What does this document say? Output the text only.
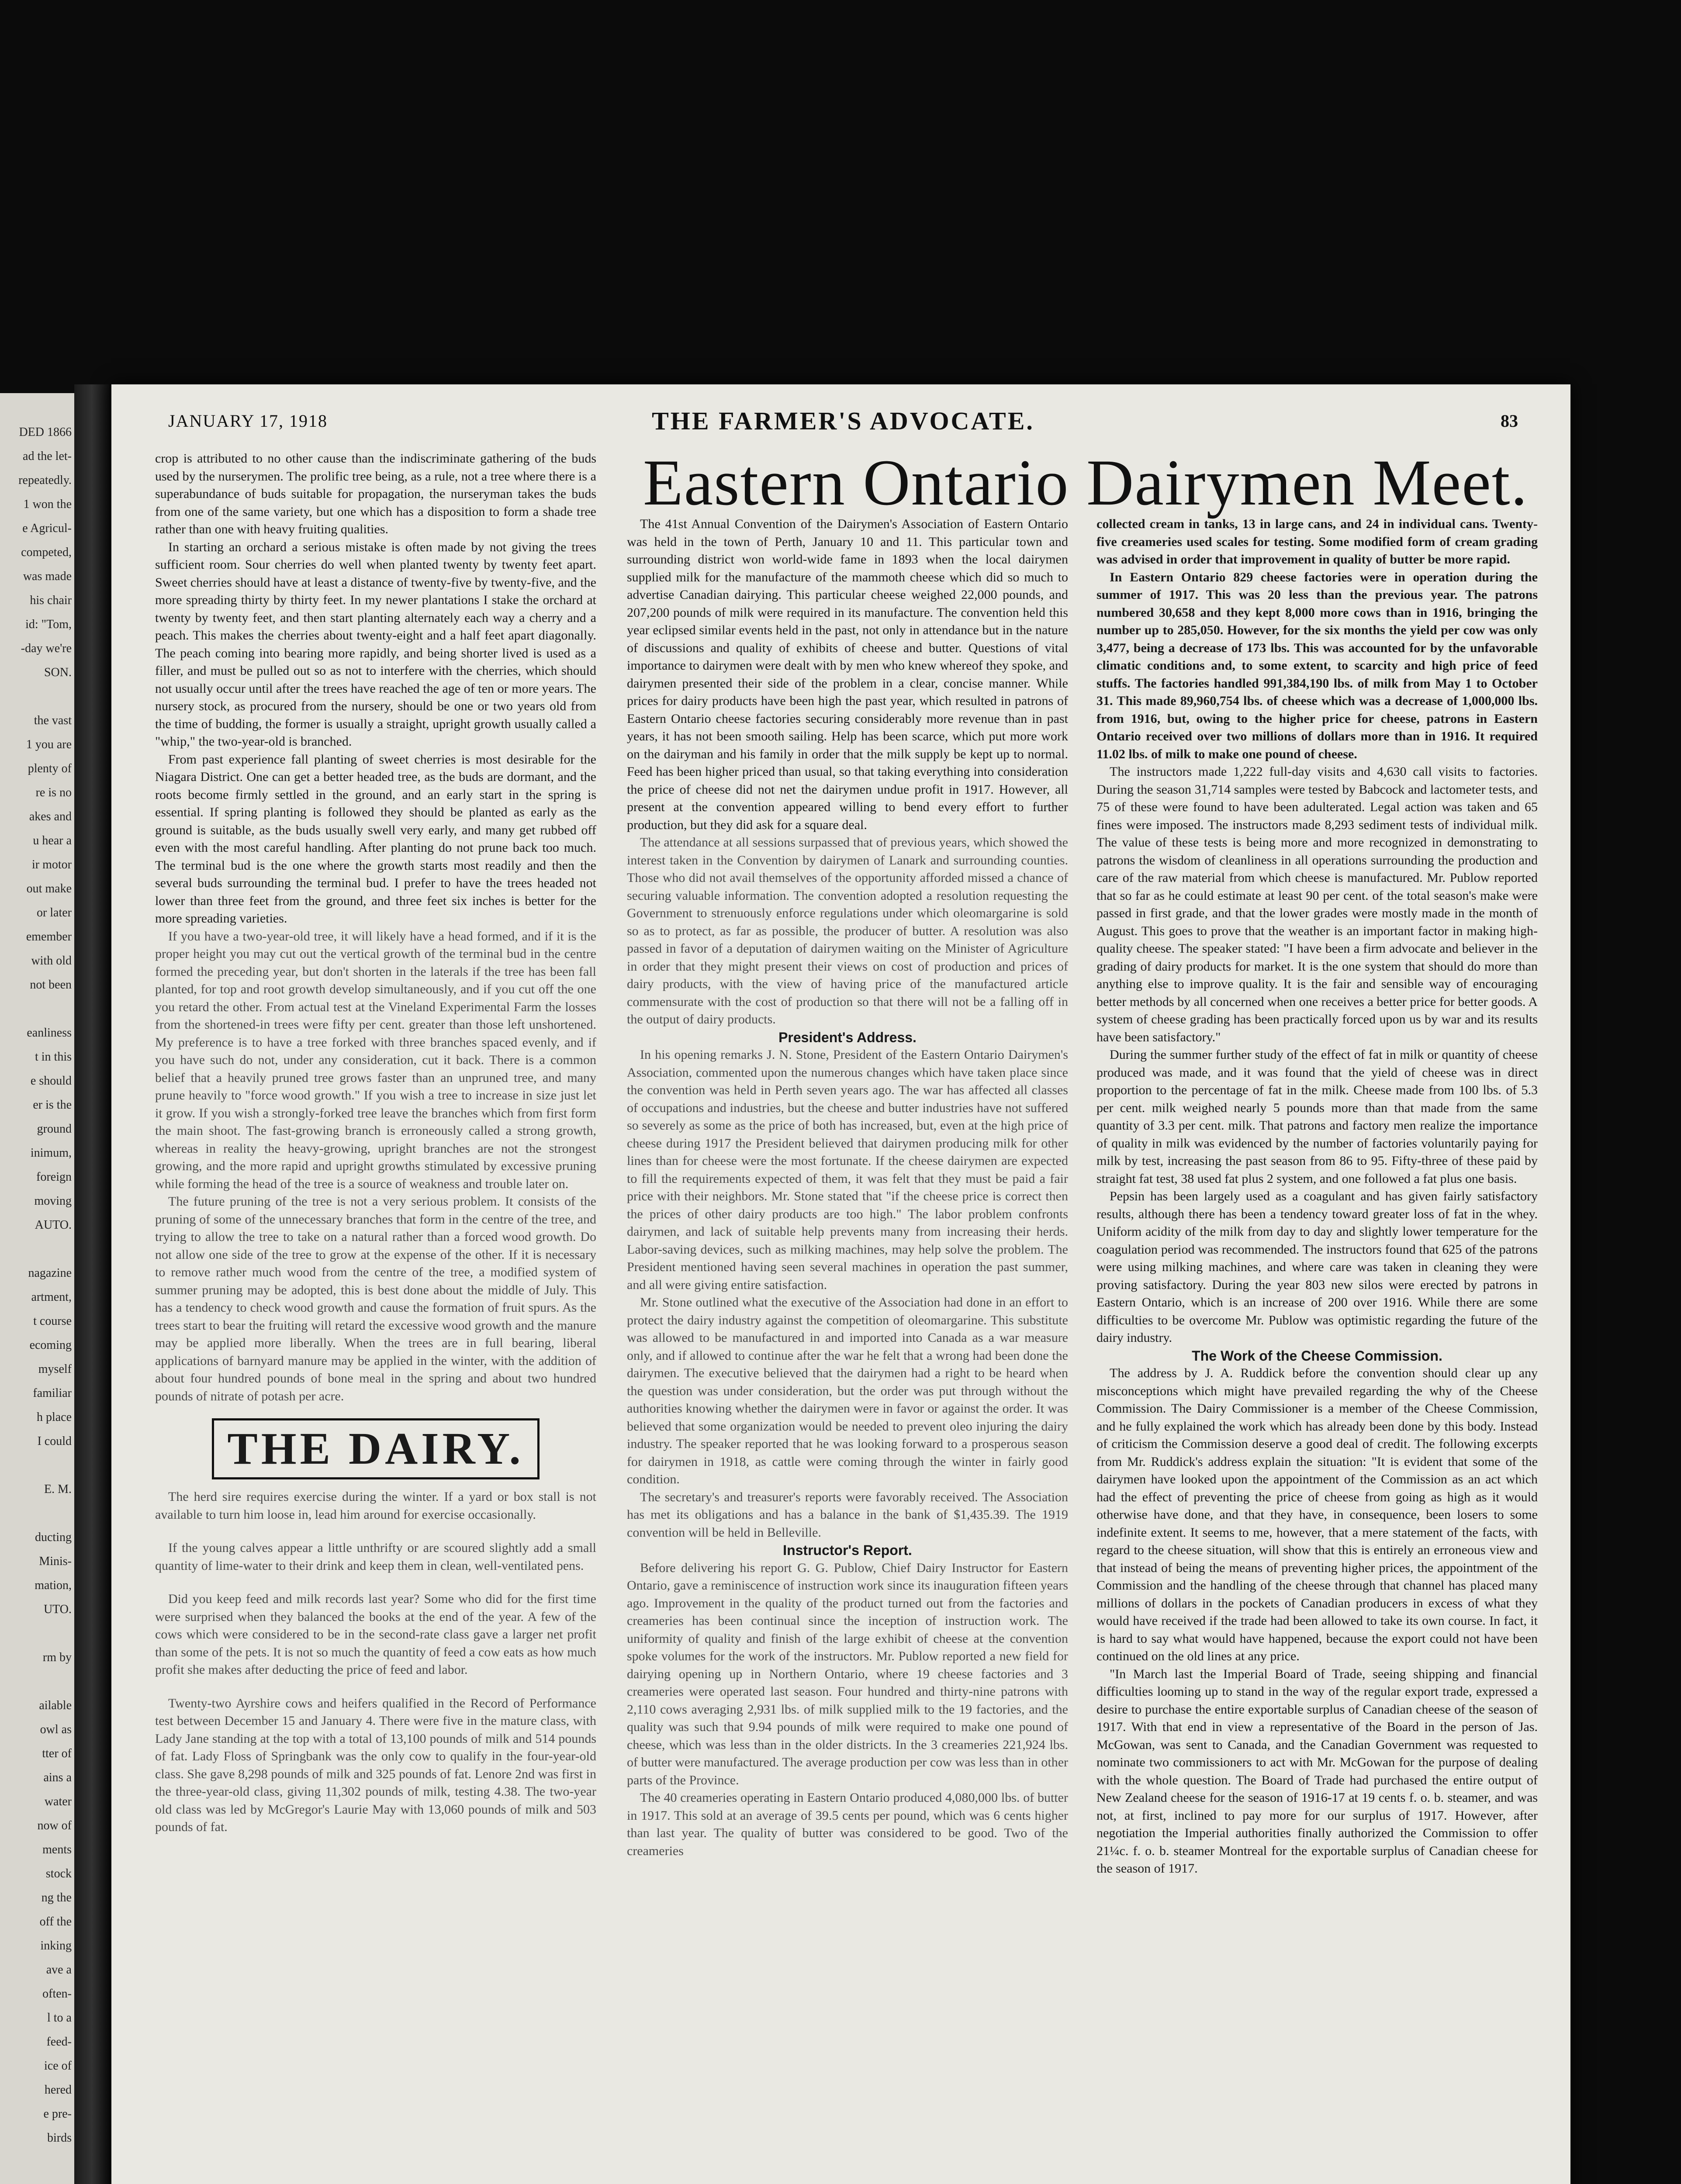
DED 1866
ad the let-
repeatedly.
1 won the
e Agricul-
competed,
was made
his chair
id: "Tom,
-day we're
SON.
the vast
1 you are
plenty of
re is no
akes and
u hear a
ir motor
out make
or later
emember
with old
not been
eanliness
t in this
e should
er is the
ground
inimum,
foreign
moving
AUTO.
nagazine
artment,
t course
ecoming
myself
familiar
h place
I could
E. M.
ducting
Minis-
mation,
UTO.
rm by
ailable
owl as
tter of
ains a
water
now of
ments
stock
ng the
off the
inking
ave a
often-
l to a
feed-
ice of
hered
e pre-
birds
JANUARY 17, 1918	THE FARMER'S ADVOCATE.	83
Eastern Ontario Dairymen Meet.

crop is attributed to no other cause than the indiscriminate gathering of the buds used by the nurserymen. The prolific tree being, as a rule, not a tree where there is a superabundance of buds suitable for propagation, the nurseryman takes the buds from one of the same variety, but one which has a disposition to form a shade tree rather than one with heavy fruiting qualities.

In starting an orchard a serious mistake is often made by not giving the trees sufficient room. Sour cherries do well when planted twenty by twenty feet apart. Sweet cherries should have at least a distance of twenty-five by twenty-five, and the more spreading thirty by thirty feet. In my newer plantations I stake the orchard at twenty by twenty feet, and then start planting alternately each way a cherry and a peach. This makes the cherries about twenty-eight and a half feet apart diagonally. The peach coming into bearing more rapidly, and being shorter lived is used as a filler, and must be pulled out so as not to interfere with the cherries, which should not usually occur until after the trees have reached the age of ten or more years. The nursery stock, as procured from the nursery, should be one or two years old from the time of budding, the former is usually a straight, upright growth usually called a "whip," the two-year-old is branched.

From past experience fall planting of sweet cherries is most desirable for the Niagara District. One can get a better headed tree, as the buds are dormant, and the roots become firmly settled in the ground, and an early start in the spring is essential. If spring planting is followed they should be planted as early as the ground is suitable, as the buds usually swell very early, and many get rubbed off even with the most careful handling. After planting do not prune back too much. The terminal bud is the one where the growth starts most readily and then the several buds surrounding the terminal bud. I prefer to have the trees headed not lower than three feet from the ground, and three feet six inches is better for the more spreading varieties.

If you have a two-year-old tree, it will likely have a head formed, and if it is the proper height you may cut out the vertical growth of the terminal bud in the centre formed the preceding year, but don't shorten in the laterals if the tree has been fall planted, for top and root growth develop simultaneously, and if you cut off the one you retard the other. From actual test at the Vineland Experimental Farm the losses from the shortened-in trees were fifty per cent. greater than those left unshortened. My preference is to have a tree forked with three branches spaced evenly, and if you have such do not, under any consideration, cut it back. There is a common belief that a heavily pruned tree grows faster than an unpruned tree, and many prune heavily to "force wood growth." If you wish a tree to increase in size just let it grow. If you wish a strongly-forked tree leave the branches which from first form the main shoot. The fast-growing branch is erroneously called a strong growth, whereas in reality the heavy-growing, upright branches are not the strongest growing, and the more rapid and upright growths stimulated by excessive pruning while forming the head of the tree is a source of weakness and trouble later on.

The future pruning of the tree is not a very serious problem. It consists of the pruning of some of the unnecessary branches that form in the centre of the tree, and trying to allow the tree to take on a natural rather than a forced wood growth. Do not allow one side of the tree to grow at the expense of the other. If it is necessary to remove rather much wood from the centre of the tree, a modified system of summer pruning may be adopted, this is best done about the middle of July. This has a tendency to check wood growth and cause the formation of fruit spurs. As the trees start to bear the fruiting will retard the excessive wood growth and the manure may be applied more liberally. When the trees are in full bearing, liberal applications of barnyard manure may be applied in the winter, with the addition of about four hundred pounds of bone meal in the spring and about two hundred pounds of nitrate of potash per acre.

THE DAIRY.

The herd sire requires exercise during the winter. If a yard or box stall is not available to turn him loose in, lead him around for exercise occasionally.

If the young calves appear a little unthrifty or are scoured slightly add a small quantity of lime-water to their drink and keep them in clean, well-ventilated pens.

Did you keep feed and milk records last year? Some who did for the first time were surprised when they balanced the books at the end of the year. A few of the cows which were considered to be in the second-rate class gave a larger net profit than some of the pets. It is not so much the quantity of feed a cow eats as how much profit she makes after deducting the price of feed and labor.

Twenty-two Ayrshire cows and heifers qualified in the Record of Performance test between December 15 and January 4. There were five in the mature class, with Lady Jane standing at the top with a total of 13,100 pounds of milk and 514 pounds of fat. Lady Floss of Springbank was the only cow to qualify in the four-year-old class. She gave 8,298 pounds of milk and 325 pounds of fat. Lenore 2nd was first in the three-year-old class, giving 11,302 pounds of milk, testing 4.38. The two-year old class was led by McGregor's Laurie May with 13,060 pounds of milk and 503 pounds of fat.

The 41st Annual Convention of the Dairymen's Association of Eastern Ontario was held in the town of Perth, January 10 and 11. This particular town and surrounding district won world-wide fame in 1893 when the local dairymen supplied milk for the manufacture of the mammoth cheese which did so much to advertise Canadian dairying. This particular cheese weighed 22,000 pounds, and 207,200 pounds of milk were required in its manufacture. The convention held this year eclipsed similar events held in the past, not only in attendance but in the nature of discussions and quality of exhibits of cheese and butter. Questions of vital importance to dairymen were dealt with by men who knew whereof they spoke, and dairymen presented their side of the problem in a clear, concise manner. While prices for dairy products have been high the past year, which resulted in patrons of Eastern Ontario cheese factories securing considerably more revenue than in past years, it has not been smooth sailing. Help has been scarce, which put more work on the dairyman and his family in order that the milk supply be kept up to normal. Feed has been higher priced than usual, so that taking everything into consideration the price of cheese did not net the dairymen undue profit in 1917. However, all present at the convention appeared willing to bend every effort to further production, but they did ask for a square deal.

The attendance at all sessions surpassed that of previous years, which showed the interest taken in the Convention by dairymen of Lanark and surrounding counties. Those who did not avail themselves of the opportunity afforded missed a chance of securing valuable information. The convention adopted a resolution requesting the Government to strenuously enforce regulations under which oleomargarine is sold so as to protect, as far as possible, the producer of butter. A resolution was also passed in favor of a deputation of dairymen waiting on the Minister of Agriculture in order that they might present their views on cost of production and prices of dairy products, with the view of having price of the manufactured article commensurate with the cost of production so that there will not be a falling off in the output of dairy products.

President's Address.

In his opening remarks J. N. Stone, President of the Eastern Ontario Dairymen's Association, commented upon the numerous changes which have taken place since the convention was held in Perth seven years ago. The war has affected all classes of occupations and industries, but the cheese and butter industries have not suffered so severely as some as the price of both has increased, but, even at the high price of cheese during 1917 the President believed that dairymen producing milk for other lines than for cheese were the most fortunate. If the cheese dairymen are expected to fill the requirements expected of them, it was felt that they must be paid a fair price with their neighbors. Mr. Stone stated that "if the cheese price is correct then the prices of other dairy products are too high." The labor problem confronts dairymen, and lack of suitable help prevents many from increasing their herds. Labor-saving devices, such as milking machines, may help solve the problem. The President mentioned having seen several machines in operation the past summer, and all were giving entire satisfaction.

Mr. Stone outlined what the executive of the Association had done in an effort to protect the dairy industry against the competition of oleomargarine. This substitute was allowed to be manufactured in and imported into Canada as a war measure only, and if allowed to continue after the war he felt that a wrong had been done the dairymen. The executive believed that the dairymen had a right to be heard when the question was under consideration, but the order was put through without the authorities knowing whether the dairymen were in favor or against the order. It was believed that some organization would be needed to prevent oleo injuring the dairy industry. The speaker reported that he was looking forward to a prosperous season for dairymen in 1918, as cattle were coming through the winter in fairly good condition.

The secretary's and treasurer's reports were favorably received. The Association has met its obligations and has a balance in the bank of $1,435.39. The 1919 convention will be held in Belleville.

Instructor's Report.

Before delivering his report G. G. Publow, Chief Dairy Instructor for Eastern Ontario, gave a reminiscence of instruction work since its inauguration fifteen years ago. Improvement in the quality of the product turned out from the factories and creameries has been continual since the inception of instruction work. The uniformity of quality and finish of the large exhibit of cheese at the convention spoke volumes for the work of the instructors. Mr. Publow reported a new field for dairying opening up in Northern Ontario, where 19 cheese factories and 3 creameries were operated last season. Four hundred and thirty-nine patrons with 2,110 cows averaging 2,931 lbs. of milk supplied milk to the 19 factories, and the quality was such that 9.94 pounds of milk were required to make one pound of cheese, which was less than in the older districts. In the 3 creameries 221,924 lbs. of butter were manufactured. The average production per cow was less than in other parts of the Province.

The 40 creameries operating in Eastern Ontario produced 4,080,000 lbs. of butter in 1917. This sold at an average of 39.5 cents per pound, which was 6 cents higher than last year. The quality of butter was considered to be good. Two of the creameries

collected cream in tanks, 13 in large cans, and 24 in individual cans. Twenty-five creameries used scales for testing. Some modified form of cream grading was advised in order that improvement in quality of butter be more rapid.

In Eastern Ontario 829 cheese factories were in operation during the summer of 1917. This was 20 less than the previous year. The patrons numbered 30,658 and they kept 8,000 more cows than in 1916, bringing the number up to 285,050. However, for the six months the yield per cow was only 3,477, being a decrease of 173 lbs. This was accounted for by the unfavorable climatic conditions and, to some extent, to scarcity and high price of feed stuffs. The factories handled 991,384,190 lbs. of milk from May 1 to October 31. This made 89,960,754 lbs. of cheese which was a decrease of 1,000,000 lbs. from 1916, but, owing to the higher price for cheese, patrons in Eastern Ontario received over two millions of dollars more than in 1916. It required 11.02 lbs. of milk to make one pound of cheese.

The instructors made 1,222 full-day visits and 4,630 call visits to factories. During the season 31,714 samples were tested by Babcock and lactometer tests, and 75 of these were found to have been adulterated. Legal action was taken and 65 fines were imposed. The instructors made 8,293 sediment tests of individual milk. The value of these tests is being more and more recognized in demonstrating to patrons the wisdom of cleanliness in all operations surrounding the production and care of the raw material from which cheese is manufactured. Mr. Publow reported that so far as he could estimate at least 90 per cent. of the total season's make were passed in first grade, and that the lower grades were mostly made in the month of August. This goes to prove that the weather is an important factor in making high-quality cheese. The speaker stated: "I have been a firm advocate and believer in the grading of dairy products for market. It is the one system that should do more than anything else to improve quality. It is the fair and sensible way of encouraging better methods by all concerned when one receives a better price for better goods. A system of cheese grading has been practically forced upon us by war and its results have been satisfactory."

During the summer further study of the effect of fat in milk or quantity of cheese produced was made, and it was found that the yield of cheese was in direct proportion to the percentage of fat in the milk. Cheese made from 100 lbs. of 5.3 per cent. milk weighed nearly 5 pounds more than that made from the same quantity of 3.3 per cent. milk. That patrons and factory men realize the importance of quality in milk was evidenced by the number of factories voluntarily paying for milk by test, increasing the past season from 86 to 95. Fifty-three of these paid by straight fat test, 38 used fat plus 2 system, and one followed a fat plus one basis.

Pepsin has been largely used as a coagulant and has given fairly satisfactory results, although there has been a tendency toward greater loss of fat in the whey. Uniform acidity of the milk from day to day and slightly lower temperature for the coagulation period was recommended. The instructors found that 625 of the patrons were using milking machines, and where care was taken in cleaning they were proving satisfactory. During the year 803 new silos were erected by patrons in Eastern Ontario, which is an increase of 200 over 1916. While there are some difficulties to be overcome Mr. Publow was optimistic regarding the future of the dairy industry.

The Work of the Cheese Commission.

The address by J. A. Ruddick before the convention should clear up any misconceptions which might have prevailed regarding the why of the Cheese Commission. The Dairy Commissioner is a member of the Cheese Commission, and he fully explained the work which has already been done by this body. Instead of criticism the Commission deserve a good deal of credit. The following excerpts from Mr. Ruddick's address explain the situation: "It is evident that some of the dairymen have looked upon the appointment of the Commission as an act which had the effect of preventing the price of cheese from going as high as it would otherwise have done, and that they have, in consequence, been losers to some indefinite extent. It seems to me, however, that a mere statement of the facts, with regard to the cheese situation, will show that this is entirely an erroneous view and that instead of being the means of preventing higher prices, the appointment of the Commission and the handling of the cheese through that channel has placed many millions of dollars in the pockets of Canadian producers in excess of what they would have received if the trade had been allowed to take its own course. In fact, it is hard to say what would have happened, because the export could not have been continued on the old lines at any price.

"In March last the Imperial Board of Trade, seeing shipping and financial difficulties looming up to stand in the way of the regular export trade, expressed a desire to purchase the entire exportable surplus of Canadian cheese of the season of 1917. With that end in view a representative of the Board in the person of Jas. McGowan, was sent to Canada, and the Canadian Government was requested to nominate two commissioners to act with Mr. McGowan for the purpose of dealing with the whole question. The Board of Trade had purchased the entire output of New Zealand cheese for the season of 1916-17 at 19 cents f. o. b. steamer, and was not, at first, inclined to pay more for our surplus of 1917. However, after negotiation the Imperial authorities finally authorized the Commission to offer 21¼c. f. o. b. steamer Montreal for the exportable surplus of Canadian cheese for the season of 1917.
